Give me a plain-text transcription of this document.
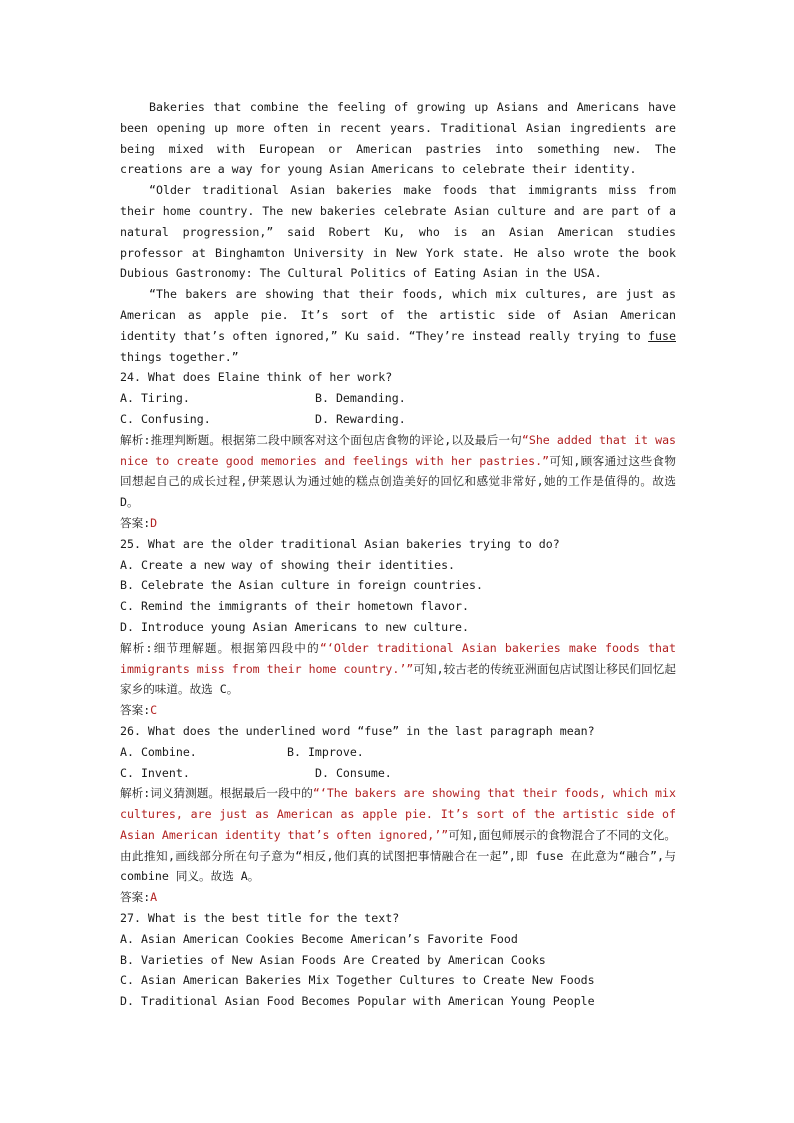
Bakeries that combine the feeling of growing up Asians and Americans have been opening up more often in recent years. Traditional Asian ingredients are being mixed with European or American pastries into something new. The creations are a way for young Asian Americans to celebrate their identity.

“Older traditional Asian bakeries make foods that immigrants miss from their home country. The new bakeries celebrate Asian culture and are part of a natural progression,” said Robert Ku, who is an Asian American studies professor at Binghamton University in New York state. He also wrote the book Dubious Gastronomy: The Cultural Politics of Eating Asian in the USA.

“The bakers are showing that their foods, which mix cultures, are just as American as apple pie. It’s sort of the artistic side of Asian American identity that’s often ignored,” Ku said. “They’re instead really trying to fuse things together.”

24. What does Elaine think of her work?

A. Tiring.	B. Demanding.
C. Confusing.	D. Rewarding.

解析:推理判断题。根据第二段中顾客对这个面包店食物的评论,以及最后一句“She added that it was nice to create good memories and feelings with her pastries.”可知,顾客通过这些食物回想起自己的成长过程,伊莱恩认为通过她的糕点创造美好的回忆和感觉非常好,她的工作是值得的。故选 D。

答案:D

25. What are the older traditional Asian bakeries trying to do?

A. Create a new way of showing their identities.

B. Celebrate the Asian culture in foreign countries.

C. Remind the immigrants of their hometown flavor.

D. Introduce young Asian Americans to new culture.

解析:细节理解题。根据第四段中的“‘Older traditional Asian bakeries make foods that immigrants miss from their home country.’”可知,较古老的传统亚洲面包店试图让移民们回忆起家乡的味道。故选 C。

答案:C

26. What does the underlined word “fuse” in the last paragraph mean?

A. Combine.	B. Improve.
C. Invent.	D. Consume.

解析:词义猜测题。根据最后一段中的“‘The bakers are showing that their foods, which mix cultures, are just as American as apple pie. It’s sort of the artistic side of Asian American identity that’s often ignored,’”可知,面包师展示的食物混合了不同的文化。由此推知,画线部分所在句子意为“相反,他们真的试图把事情融合在一起”,即 fuse 在此意为“融合”,与 combine 同义。故选 A。

答案:A

27. What is the best title for the text?

A. Asian American Cookies Become American’s Favorite Food

B. Varieties of New Asian Foods Are Created by American Cooks

C. Asian American Bakeries Mix Together Cultures to Create New Foods

D. Traditional Asian Food Becomes Popular with American Young People
